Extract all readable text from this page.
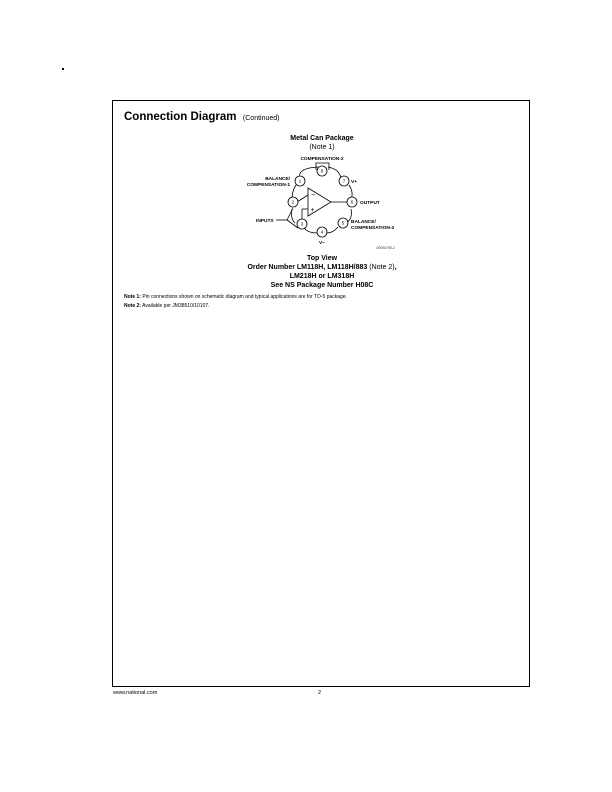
Connection Diagram (Continued)
Metal Can Package
(Note 1)
1
2
3
4
5
6
7
8
−
+
COMPENSATION-2
BALANCE/
COMPENSATION-1
V+
OUTPUT
BALANCE/
COMPENSATION-3
INPUTS
V−
00000750-2
Top View
Order Number LM118H, LM118H/883 (Note 2),
LM218H or LM318H
See NS Package Number H08C
Note 1: Pin connections shown on schematic diagram and typical applications are for TO-5 package.
Note 2: Available per JM38510/10107.
www.national.com	2
